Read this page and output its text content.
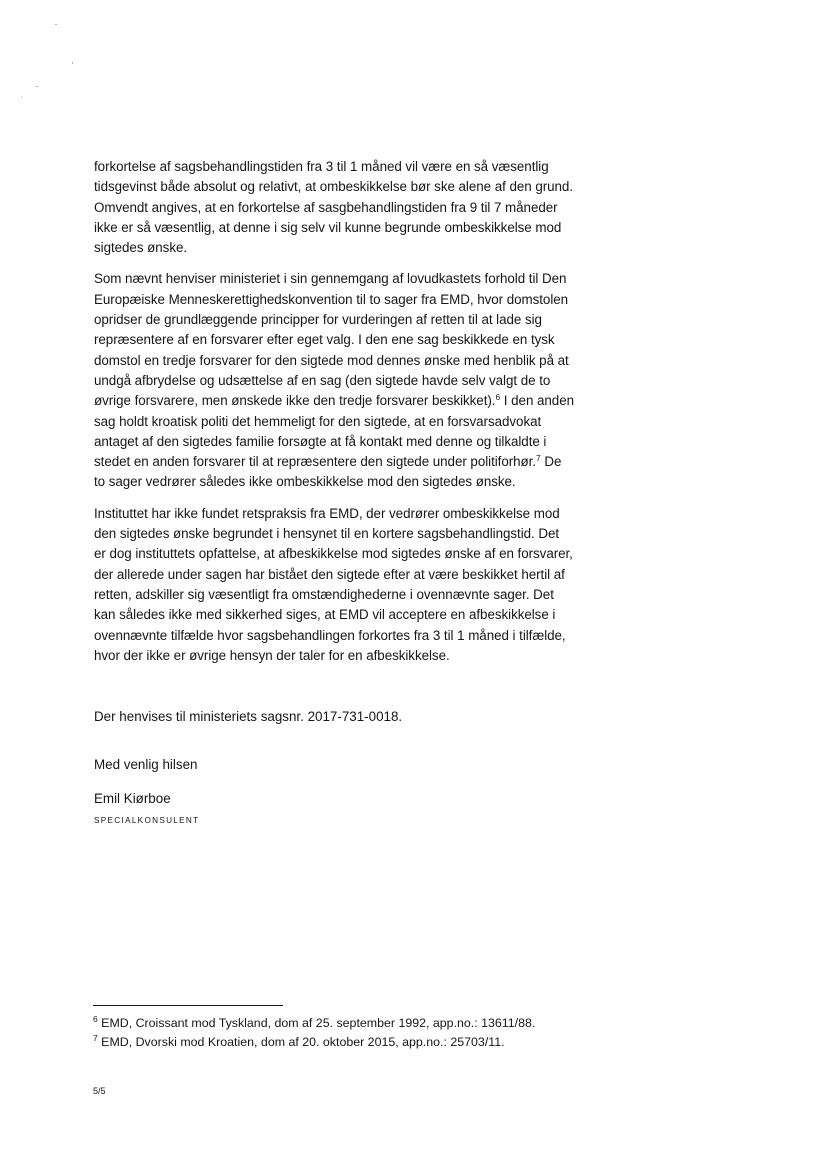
forkortelse af sagsbehandlingstiden fra 3 til 1 måned vil være en så væsentlig tidsgevinst både absolut og relativt, at ombeskikkelse bør ske alene af den grund. Omvendt angives, at en forkortelse af sasgbehandlingstiden fra 9 til 7 måneder ikke er så væsentlig, at denne i sig selv vil kunne begrunde ombeskikkelse mod sigtedes ønske.

Som nævnt henviser ministeriet i sin gennemgang af lovudkastets forhold til Den Europæiske Menneskerettighedskonvention til to sager fra EMD, hvor domstolen opridser de grundlæggende principper for vurderingen af retten til at lade sig repræsentere af en forsvarer efter eget valg. I den ene sag beskikkede en tysk domstol en tredje forsvarer for den sigtede mod dennes ønske med henblik på at undgå afbrydelse og udsættelse af en sag (den sigtede havde selv valgt de to øvrige forsvarere, men ønskede ikke den tredje forsvarer beskikket).$^6$ I den anden sag holdt kroatisk politi det hemmeligt for den sigtede, at en forsvarsadvokat antaget af den sigtedes familie forsøgte at få kontakt med denne og tilkaldte i stedet en anden forsvarer til at repræsentere den sigtede under politiforhør.$^7$ De to sager vedrører således ikke ombeskikkelse mod den sigtedes ønske.

Instituttet har ikke fundet retspraksis fra EMD, der vedrører ombeskikkelse mod den sigtedes ønske begrundet i hensynet til en kortere sagsbehandlingstid. Det er dog instituttets opfattelse, at afbeskikkelse mod sigtedes ønske af en forsvarer, der allerede under sagen har bistået den sigtede efter at være beskikket hertil af retten, adskiller sig væsentligt fra omstændighederne i ovennævnte sager. Det kan således ikke med sikkerhed siges, at EMD vil acceptere en afbeskikkelse i ovennævnte tilfælde hvor sagsbehandlingen forkortes fra 3 til 1 måned i tilfælde, hvor der ikke er øvrige hensyn der taler for en afbeskikkelse.

Der henvises til ministeriets sagsnr. 2017-731-0018.

Med venlig hilsen

Emil Kiørboe

SPECIALKONSULENT

$^6$ EMD, Croissant mod Tyskland, dom af 25. september 1992, app.no.: 13611/88.

$^7$ EMD, Dvorski mod Kroatien, dom af 20. oktober 2015, app.no.: 25703/11.

5/5
